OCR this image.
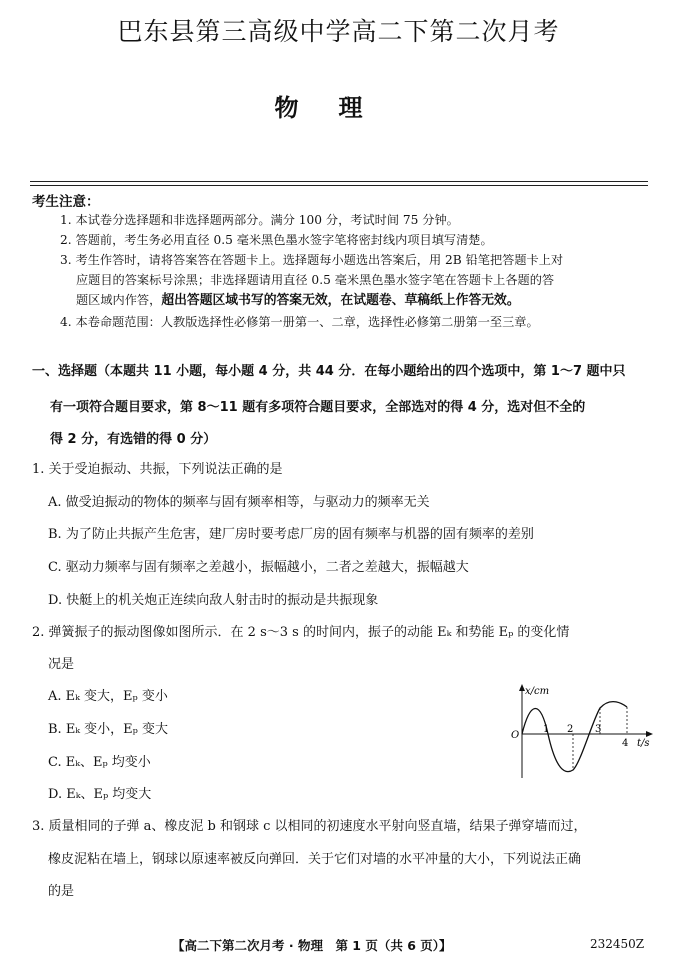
巴东县第三高级中学高二下第二次月考
物理
考生注意：
1. 本试卷分选择题和非选择题两部分。满分 100 分，考试时间 75 分钟。
2. 答题前，考生务必用直径 0.5 毫米黑色墨水签字笔将密封线内项目填写清楚。
3. 考生作答时，请将答案答在答题卡上。选择题每小题选出答案后，用 2B 铅笔把答题卡上对
应题目的答案标号涂黑；非选择题请用直径 0.5 毫米黑色墨水签字笔在答题卡上各题的答
题区域内作答，超出答题区域书写的答案无效，在试题卷、草稿纸上作答无效。
4. 本卷命题范围：人教版选择性必修第一册第一、二章，选择性必修第二册第一至三章。
一、选择题（本题共 11 小题，每小题 4 分，共 44 分．在每小题给出的四个选项中，第 1～7 题中只
有一项符合题目要求，第 8～11 题有多项符合题目要求，全部选对的得 4 分，选对但不全的
得 2 分，有选错的得 0 分）
1. 关于受迫振动、共振，下列说法正确的是
A. 做受迫振动的物体的频率与固有频率相等，与驱动力的频率无关
B. 为了防止共振产生危害，建厂房时要考虑厂房的固有频率与机器的固有频率的差别
C. 驱动力频率与固有频率之差越小，振幅越小，二者之差越大，振幅越大
D. 快艇上的机关炮正连续向敌人射击时的振动是共振现象
2. 弹簧振子的振动图像如图所示．在 2 s～3 s 的时间内，振子的动能 Eₖ 和势能 Eₚ 的变化情
况是
A. Eₖ 变大，Eₚ 变小
B. Eₖ 变小，Eₚ 变大
C. Eₖ、Eₚ 均变小
D. Eₖ、Eₚ 均变大
x/cm
t/s
O
1 2 3
4
3. 质量相同的子弹 a、橡皮泥 b 和钢球 c 以相同的初速度水平射向竖直墙，结果子弹穿墙而过，
橡皮泥粘在墙上，钢球以原速率被反向弹回．关于它们对墙的水平冲量的大小，下列说法正确
的是
【高二下第二次月考 · 物理　第 1 页（共 6 页）】	232450Z
